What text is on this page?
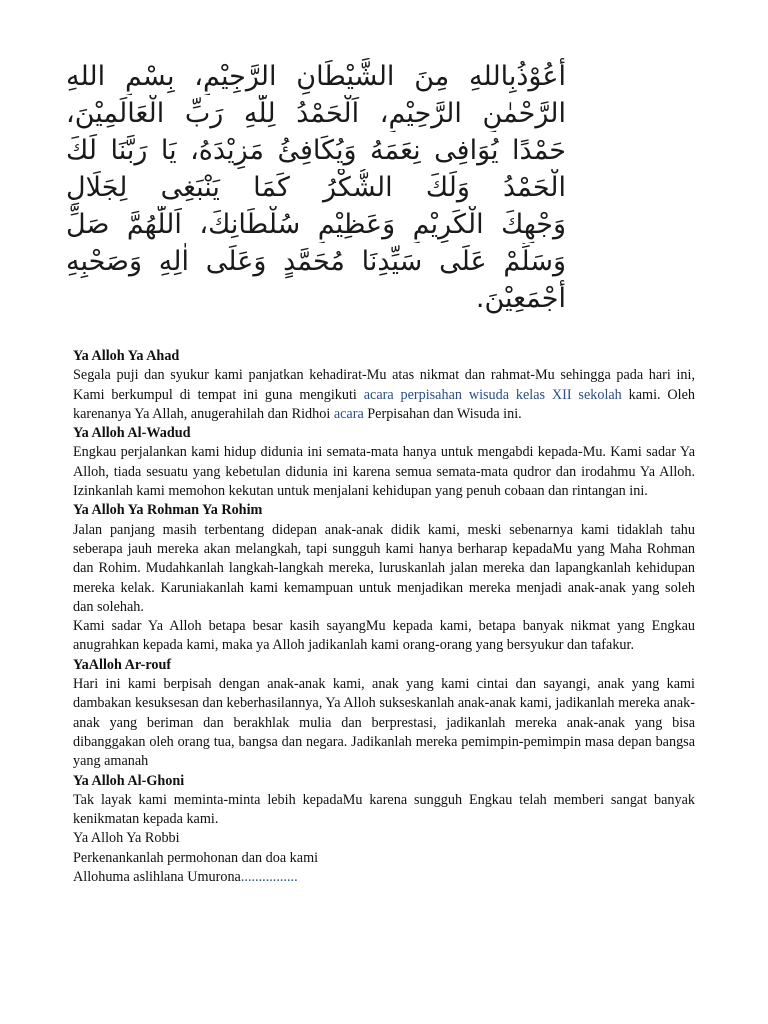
أَعُوْذُبِاللهِ مِنَ الشَّيْطَانِ الرَّجِيْمِ، بِسْمِ اللهِ
الرَّحْمٰنِ الرَّحِيْمِ، اَلْحَمْدُ لِلّٰهِ رَبِّ الْعَالَمِيْنَ،
حَمْدًا يُوَافِى نِعَمَهُ وَيُكَافِئُ مَزِيْدَهُ، يَا رَبَّنَا لَكَ
الْحَمْدُ وَلَكَ الشُّكْرُ كَمَا يَنْبَغِى لِجَلَالِ
وَجْهِكَ الْكَرِيْمِ وَعَظِيْمِ سُلْطَانِكَ، اَللّٰهُمَّ صَلِّ
وَسَلِّمْ عَلَى سَيِّدِنَا مُحَمَّدٍ وَعَلَى اٰلِهِ وَصَحْبِهِ
أَجْمَعِيْنَ.
Ya Alloh Ya Ahad

Segala puji dan syukur kami panjatkan kehadirat-Mu atas nikmat dan rahmat-Mu sehingga pada hari ini, Kami berkumpul di tempat ini guna mengikuti acara perpisahan wisuda kelas XII sekolah kami. Oleh karenanya Ya Allah, anugerahilah dan Ridhoi acara Perpisahan dan Wisuda ini.

Ya Alloh Al-Wadud

Engkau perjalankan kami hidup didunia ini semata-mata hanya untuk mengabdi kepada-Mu. Kami sadar Ya Alloh, tiada sesuatu yang kebetulan didunia ini karena semua semata-mata qudror dan irodahmu Ya Alloh. Izinkanlah kami memohon kekutan untuk menjalani kehidupan yang penuh cobaan dan rintangan ini.

Ya Alloh Ya Rohman Ya Rohim

Jalan panjang masih terbentang didepan anak-anak didik kami, meski sebenarnya kami tidaklah tahu seberapa jauh mereka akan melangkah, tapi sungguh kami hanya berharap kepadaMu yang Maha Rohman dan Rohim. Mudahkanlah langkah-langkah mereka, luruskanlah jalan mereka dan lapangkanlah kehidupan mereka kelak. Karuniakanlah kami kemampuan untuk menjadikan mereka menjadi anak-anak yang soleh dan solehah.

Kami sadar Ya Alloh betapa besar kasih sayangMu kepada kami, betapa banyak nikmat yang Engkau anugrahkan kepada kami, maka ya Alloh jadikanlah kami orang-orang yang bersyukur dan tafakur.

YaAlloh Ar-rouf

Hari ini kami berpisah dengan anak-anak kami, anak yang kami cintai dan sayangi, anak yang kami dambakan kesuksesan dan keberhasilannya, Ya Alloh sukseskanlah anak-anak kami, jadikanlah mereka anak-anak yang beriman dan berakhlak mulia dan berprestasi, jadikanlah mereka anak-anak yang bisa dibanggakan oleh orang tua, bangsa dan negara. Jadikanlah mereka pemimpin-pemimpin masa depan bangsa yang amanah

Ya Alloh Al-Ghoni

Tak layak kami meminta-minta lebih kepadaMu karena sungguh Engkau telah memberi sangat banyak kenikmatan kepada kami.

Ya Alloh Ya Robbi
Perkenankanlah permohonan dan doa kami
Allohuma aslihlana Umurona................
